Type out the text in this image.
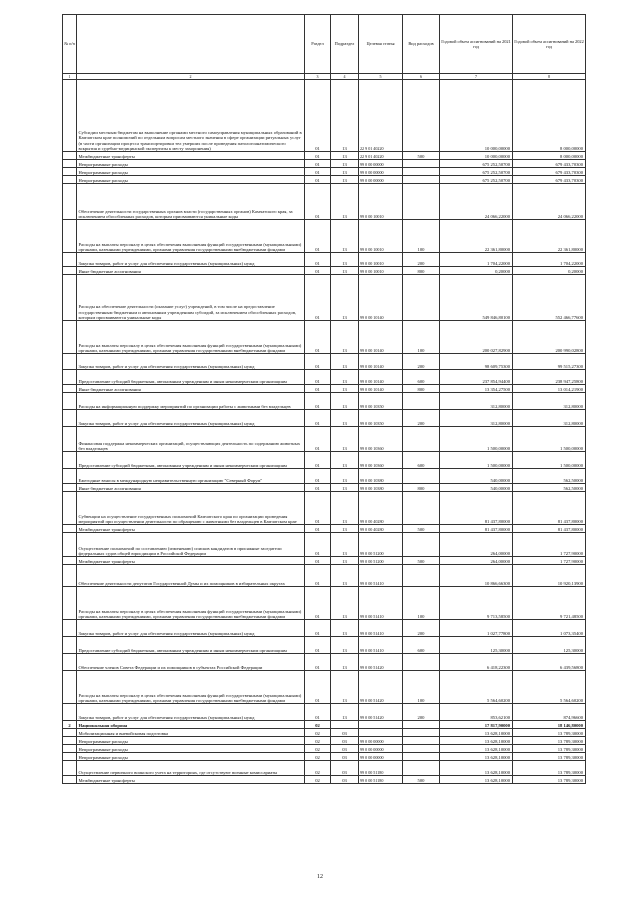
№ п/п		Раздел	Подраздел	Целевая статья	Вид расходов	Годовой объем ассигнований на 2021 год	Годовой объем ассигнований на 2022 год
1	2	3	4	5	6	7	8
	Субсидии местным бюджетам на выполнение органами местного самоуправления муниципальных образований в Камчатском крае полномочий по отдельным вопросам местного значения в сфере организации ритуальных услуг (в части организации процесса транспортировки тел умерших после проведения патологоанатомического вскрытия и судебно-медицинской экспертизы к месту захоронения)	01	13	22 9 01 40220		10 000,00000	8 000,00000
	Межбюджетные трансферты	01	13	22 9 01 40220	500	10 000,00000	8 000,00000
	Непрограммные расходы	01	13	99 0 00 00000		675 252,50700	679 433,70300
	Непрограммные расходы	01	13	99 0 00 00000		675 252,50700	679 433,70300
	Непрограммные расходы	01	13	99 0 00 00000		675 252,50700	679 433,70300
	Обеспечение деятельности государственных органов власти (государственных органов) Камчатского края, за исключением обособленных расходов, которым присваиваются уникальные коды	01	13	99 0 00 10010		24 066,22000	24 066,22000
	Расходы на выплаты персоналу в целях обеспечения выполнения функций государственными (муниципальными) органами, казенными учреждениями, органами управления государственными внебюджетными фондами	01	13	99 0 00 10010	100	22 361,80000	22 361,80000
	Закупка товаров, работ и услуг для обеспечения государственных (муниципальных) нужд	01	13	99 0 00 10010	200	1 704,22000	1 704,22000
	Иные бюджетные ассигнования	01	13	99 0 00 10010	800	0,20000	0,20000
	Расходы на обеспечение деятельности (оказание услуг) учреждений, в том числе на предоставление государственным бюджетным и автономным учреждениям субсидий, за исключением обособленных расходов, которым присваиваются уникальные коды	01	13	99 0 00 10140		549 846,80100	552 466,77600
	Расходы на выплаты персоналу в целях обеспечения выполнения функций государственными (муниципальными) органами, казенными учреждениями, органами управления государственными внебюджетными фондами	01	13	99 0 00 10140	100	200 027,82900	200 990,02800
	Закупка товаров, работ и услуг для обеспечения государственных (муниципальных) нужд	01	13	99 0 00 10140	200	98 609,75300	99 515,27300
	Предоставление субсидий бюджетным, автономным учреждениям и иным некоммерческим организациям	01	13	99 0 00 10140	600	237 854,94400	238 947,25800
	Иные бюджетные ассигнования	01	13	99 0 00 10140	800	13 354,27500	13 014,21900
	Расходы на информационную поддержку мероприятий по организации работы с животными без владельцев	01	13	99 0 00 10350		312,80000	312,80000
	Закупка товаров, работ и услуг для обеспечения государственных (муниципальных) нужд	01	13	99 0 00 10350	200	312,80000	312,80000
	Финансовая поддержка некоммерческих организаций, осуществляющих деятельность по содержанию животных без владельцев	01	13	99 0 00 10360		1 500,00000	1 500,00000
	Предоставление субсидий бюджетным, автономным учреждениям и иным некоммерческим организациям	01	13	99 0 00 10360	600	1 500,00000	1 500,00000
	Ежегодные взносы в международную неправительственную организацию "Северный Форум"	01	13	99 0 00 10380		540,00000	562,50000
	Иные бюджетные ассигнования	01	13	99 0 00 10380	800	540,00000	562,50000
	Субвенции на осуществление государственных полномочий Камчатского края по организации проведения мероприятий при осуществлении деятельности по обращению с животными без владельцев в Камчатском крае	01	13	99 0 00 40280		81 437,80000	81 437,80000
	Межбюджетные трансферты	01	13	99 0 00 40280	500	81 437,80000	81 437,80000
	Осуществление полномочий по составлению (изменению) списков кандидатов в присяжные заседатели федеральных судов общей юрисдикции в Российской Федерации	01	13	99 0 00 51200		264,00000	1 727,90000
	Межбюджетные трансферты	01	13	99 0 00 51200	500	264,00000	1 727,90000
	Обеспечение деятельности депутатов Государственной Думы и их помощников в избирательных округах	01	13	99 0 00 51410		10 866,66300	10 920,13900
	Расходы на выплаты персоналу в целях обеспечения выполнения функций государственными (муниципальными) органами, казенными учреждениями, органами управления государственными внебюджетными фондами	01	13	99 0 00 51410	100	9 713,58500	9 721,48500
	Закупка товаров, работ и услуг для обеспечения государственных (муниципальных) нужд	01	13	99 0 00 51410	200	1 027,77800	1 073,35400
	Предоставление субсидий бюджетным, автономным учреждениям и иным некоммерческим организациям	01	13	99 0 00 51410	600	125,30000	125,30000
	Обеспечение членов Совета Федерации и их помощников в субъектах Российской Федерации	01	13	99 0 00 51420		6 418,22300	6 439,56800
	Расходы на выплаты персоналу в целях обеспечения выполнения функций государственными (муниципальными) органами, казенными учреждениями, органами управления государственными внебюджетными фондами	01	13	99 0 00 51420	100	5 564,60200	5 564,60200
	Закупка товаров, работ и услуг для обеспечения государственных (муниципальных) нужд	01	13	99 0 00 51420	200	853,62100	874,96600
2	Национальная оборона	02				17 817,90000	18 146,80000
	Мобилизационная и вневойсковая подготовка	02	03			13 628,10000	13 789,30000
	Непрограммные расходы	02	03	99 0 00 00000		13 628,10000	13 789,30000
	Непрограммные расходы	02	03	99 0 00 00000		13 628,10000	13 789,30000
	Непрограммные расходы	02	03	99 0 00 00000		13 628,10000	13 789,30000
	Осуществление первичного воинского учета на территориях, где отсутствуют военные комиссариаты	02	03	99 0 00 51180		13 628,10000	13 789,30000
	Межбюджетные трансферты	02	03	99 0 00 51180	500	13 628,10000	13 789,30000
12
